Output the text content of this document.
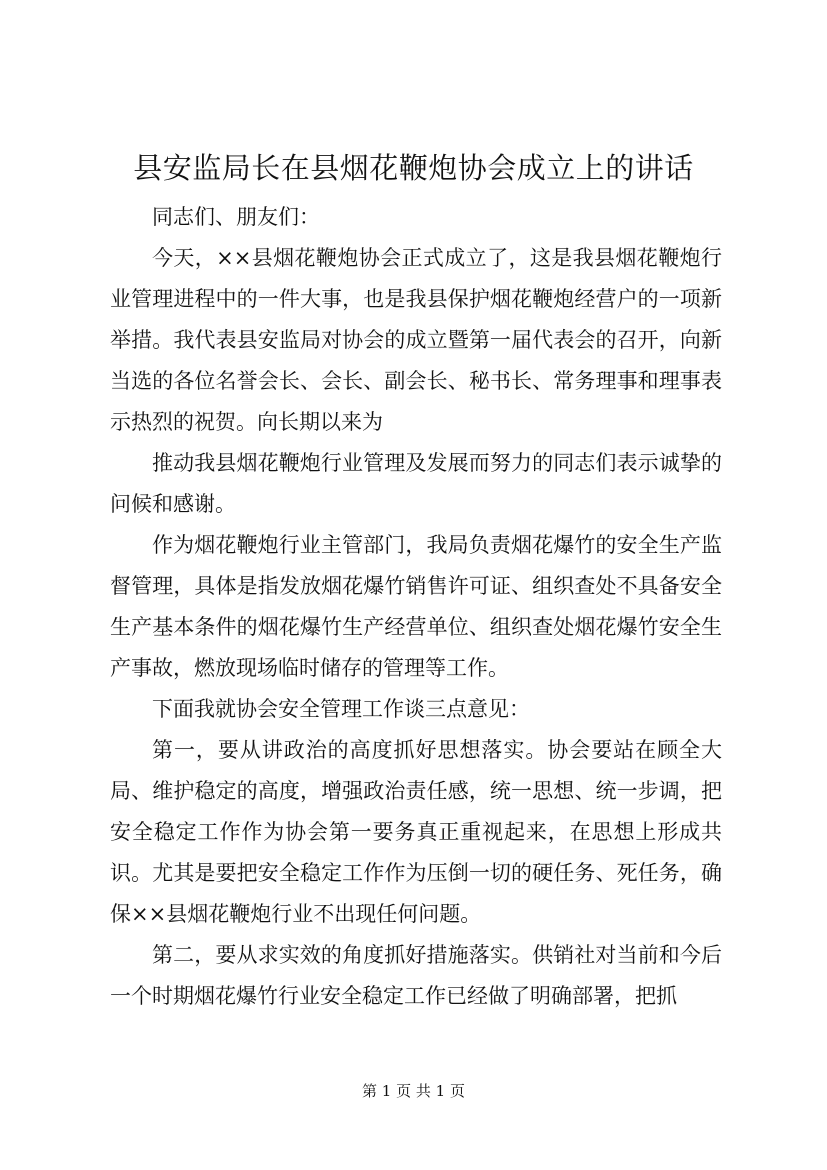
县安监局长在县烟花鞭炮协会成立上的讲话

同志们、朋友们：

今天，××县烟花鞭炮协会正式成立了，这是我县烟花鞭炮行业管理进程中的一件大事，也是我县保护烟花鞭炮经营户的一项新举措。我代表县安监局对协会的成立暨第一届代表会的召开，向新当选的各位名誉会长、会长、副会长、秘书长、常务理事和理事表示热烈的祝贺。向长期以来为

推动我县烟花鞭炮行业管理及发展而努力的同志们表示诚挚的问候和感谢。

作为烟花鞭炮行业主管部门，我局负责烟花爆竹的安全生产监督管理，具体是指发放烟花爆竹销售许可证、组织查处不具备安全生产基本条件的烟花爆竹生产经营单位、组织查处烟花爆竹安全生产事故，燃放现场临时储存的管理等工作。

下面我就协会安全管理工作谈三点意见：

第一，要从讲政治的高度抓好思想落实。协会要站在顾全大局、维护稳定的高度，增强政治责任感，统一思想、统一步调，把安全稳定工作作为协会第一要务真正重视起来，在思想上形成共识。尤其是要把安全稳定工作作为压倒一切的硬任务、死任务，确保××县烟花鞭炮行业不出现任何问题。

第二，要从求实效的角度抓好措施落实。供销社对当前和今后一个时期烟花爆竹行业安全稳定工作已经做了明确部署，把抓

第 1 页 共 1 页
